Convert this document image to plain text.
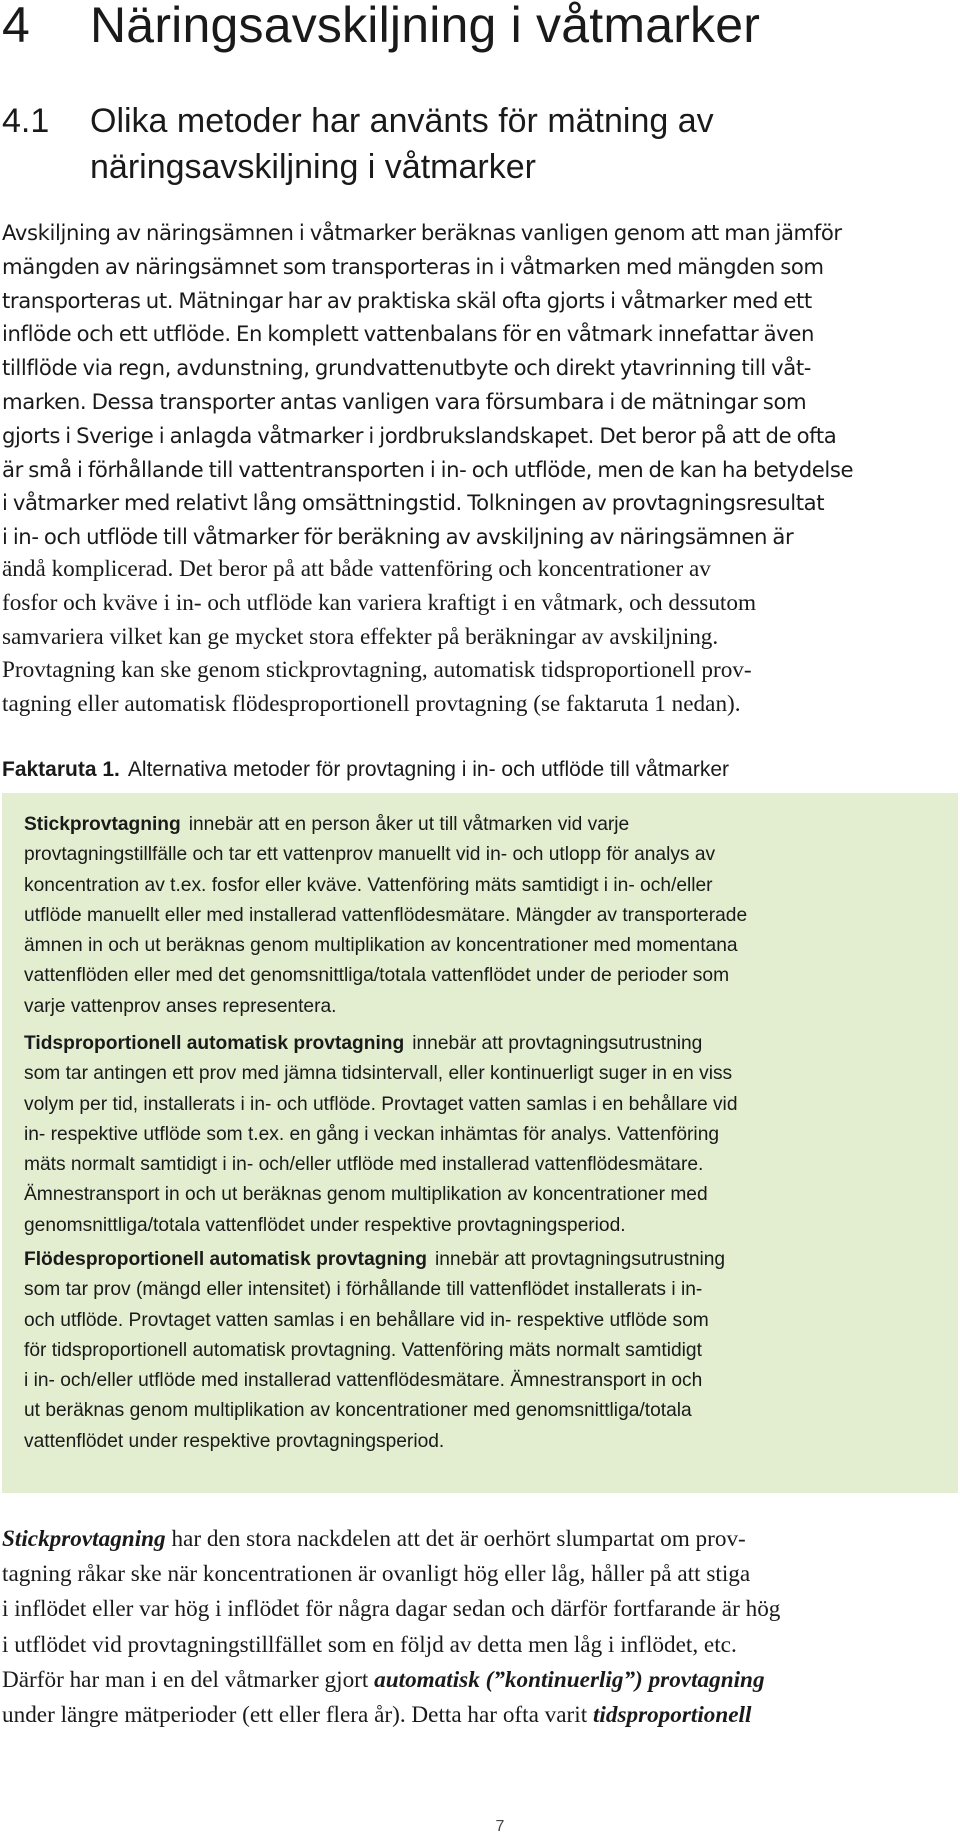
4 Näringsavskiljning i våtmarker
4.1 Olika metoder har använts för mätning av
näringsavskiljning i våtmarker

Avskiljning av näringsämnen i våtmarker beräknas vanligen genom att man jämför
mängden av näringsämnet som transporteras in i våtmarken med mängden som
transporteras ut. Mätningar har av praktiska skäl ofta gjorts i våtmarker med ett
inflöde och ett utflöde. En komplett vattenbalans för en våtmark innefattar även
tillflöde via regn, avdunstning, grundvattenutbyte och direkt ytavrinning till våt-
marken. Dessa transporter antas vanligen vara försumbara i de mätningar som
gjorts i Sverige i anlagda våtmarker i jordbrukslandskapet. Det beror på att de ofta
är små i förhållande till vattentransporten i in- och utflöde, men de kan ha betydelse
i våtmarker med relativt lång omsättningstid. Tolkningen av provtagningsresultat
i in- och utflöde till våtmarker för beräkning av avskiljning av näringsämnen är

ändå komplicerad. Det beror på att både vattenföring och koncentrationer av
fosfor och kväve i in- och utflöde kan variera kraftigt i en våtmark, och dessutom
samvariera vilket kan ge mycket stora effekter på beräkningar av avskiljning.
Provtagning kan ske genom stickprovtagning, automatisk tidsproportionell prov-
tagning eller automatisk flödesproportionell provtagning (se faktaruta 1 nedan).

Faktaruta 1. Alternativa metoder för provtagning i in- och utflöde till våtmarker

Stickprovtagning innebär att en person åker ut till våtmarken vid varje
provtagningstillfälle och tar ett vattenprov manuellt vid in- och utlopp för analys av
koncentration av t.ex. fosfor eller kväve. Vattenföring mäts samtidigt i in- och/eller
utflöde manuellt eller med installerad vattenflödesmätare. Mängder av transporterade
ämnen in och ut beräknas genom multiplikation av koncentrationer med momentana
vattenflöden eller med det genomsnittliga/totala vattenflödet under de perioder som
varje vattenprov anses representera.

Tidsproportionell automatisk provtagning innebär att provtagningsutrustning
som tar antingen ett prov med jämna tidsintervall, eller kontinuerligt suger in en viss
volym per tid, installerats i in- och utflöde. Provtaget vatten samlas i en behållare vid
in- respektive utflöde som t.ex. en gång i veckan inhämtas för analys. Vattenföring
mäts normalt samtidigt i in- och/eller utflöde med installerad vattenflödesmätare.
Ämnestransport in och ut beräknas genom multiplikation av koncentrationer med
genomsnittliga/totala vattenflödet under respektive provtagningsperiod.

Flödesproportionell automatisk provtagning innebär att provtagningsutrustning
som tar prov (mängd eller intensitet) i förhållande till vattenflödet installerats i in-
och utflöde. Provtaget vatten samlas i en behållare vid in- respektive utflöde som
för tidsproportionell automatisk provtagning. Vattenföring mäts normalt samtidigt
i in- och/eller utflöde med installerad vattenflödesmätare. Ämnestransport in och
ut beräknas genom multiplikation av koncentrationer med genomsnittliga/totala
vattenflödet under respektive provtagningsperiod.

Stickprovtagning har den stora nackdelen att det är oerhört slumpartat om prov-
tagning råkar ske när koncentrationen är ovanligt hög eller låg, håller på att stiga
i inflödet eller var hög i inflödet för några dagar sedan och därför fortfarande är hög
i utflödet vid provtagningstillfället som en följd av detta men låg i inflödet, etc.
Därför har man i en del våtmarker gjort automatisk (”kontinuerlig”) provtagning
under längre mätperioder (ett eller flera år). Detta har ofta varit tidsproportionell

7
